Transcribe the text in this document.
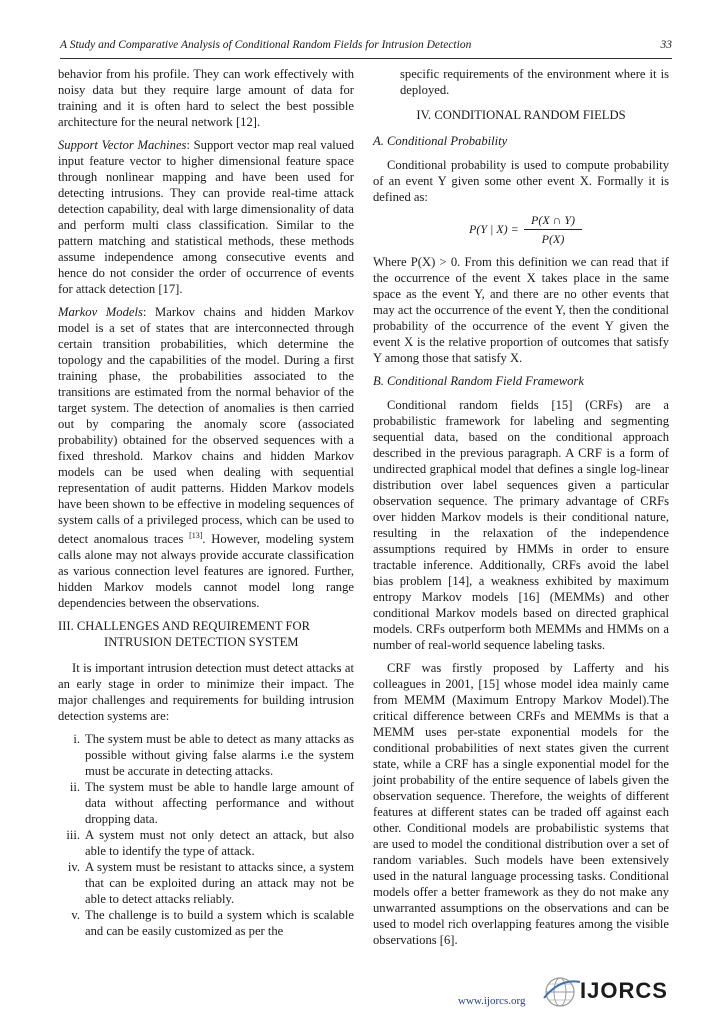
A Study and Comparative Analysis of Conditional Random Fields for Intrusion Detection	33

behavior from his profile. They can work effectively with noisy data but they require large amount of data for training and it is often hard to select the best possible architecture for the neural network [12].

Support Vector Machines: Support vector map real valued input feature vector to higher dimensional feature space through nonlinear mapping and have been used for detecting intrusions. They can provide real-time attack detection capability, deal with large dimensionality of data and perform multi class classification. Similar to the pattern matching and statistical methods, these methods assume independence among consecutive events and hence do not consider the order of occurrence of events for attack detection [17].

Markov Models: Markov chains and hidden Markov model is a set of states that are interconnected through certain transition probabilities, which determine the topology and the capabilities of the model. During a first training phase, the probabilities associated to the transitions are estimated from the normal behavior of the target system. The detection of anomalies is then carried out by comparing the anomaly score (associated probability) obtained for the observed sequences with a fixed threshold. Markov chains and hidden Markov models can be used when dealing with sequential representation of audit patterns. Hidden Markov models have been shown to be effective in modeling sequences of system calls of a privileged process, which can be used to detect anomalous traces [13]. However, modeling system calls alone may not always provide accurate classification as various connection level features are ignored. Further, hidden Markov models cannot model long range dependencies between the observations.

III. CHALLENGES AND REQUIREMENT FOR
INTRUSION DETECTION SYSTEM

It is important intrusion detection must detect attacks at an early stage in order to minimize their impact. The major challenges and requirements for building intrusion detection systems are:

i. The system must be able to detect as many attacks as possible without giving false alarms i.e the system must be accurate in detecting attacks.
ii. The system must be able to handle large amount of data without affecting performance and without dropping data.
iii. A system must not only detect an attack, but also able to identify the type of attack.
iv. A system must be resistant to attacks since, a system that can be exploited during an attack may not be able to detect attacks reliably.
v. The challenge is to build a system which is scalable and can be easily customized as per the

specific requirements of the environment where it is deployed.

IV. CONDITIONAL RANDOM FIELDS
A. Conditional Probability

Conditional probability is used to compute probability of an event Y given some other event X. Formally it is defined as:

P(Y | $X) = \frac{P(X \cap Y)}{P(X)}$

Where P(X) > 0. From this definition we can read that if the occurrence of the event X takes place in the same space as the event Y, and there are no other events that may act the occurrence of the event Y, then the conditional probability of the occurrence of the event Y given the event X is the relative proportion of outcomes that satisfy Y among those that satisfy X.

B. Conditional Random Field Framework

Conditional random fields [15] (CRFs) are a probabilistic framework for labeling and segmenting sequential data, based on the conditional approach described in the previous paragraph. A CRF is a form of undirected graphical model that defines a single log-linear distribution over label sequences given a particular observation sequence. The primary advantage of CRFs over hidden Markov models is their conditional nature, resulting in the relaxation of the independence assumptions required by HMMs in order to ensure tractable inference. Additionally, CRFs avoid the label bias problem [14], a weakness exhibited by maximum entropy Markov models [16] (MEMMs) and other conditional Markov models based on directed graphical models. CRFs outperform both MEMMs and HMMs on a number of real-world sequence labeling tasks.

CRF was firstly proposed by Lafferty and his colleagues in 2001, [15] whose model idea mainly came from MEMM (Maximum Entropy Markov Model).The critical difference between CRFs and MEMMs is that a MEMM uses per-state exponential models for the conditional probabilities of next states given the current state, while a CRF has a single exponential model for the joint probability of the entire sequence of labels given the observation sequence. Therefore, the weights of different features at different states can be traded off against each other. Conditional models are probabilistic systems that are used to model the conditional distribution over a set of random variables. Such models have been extensively used in the natural language processing tasks. Conditional models offer a better framework as they do not make any unwarranted assumptions on the observations and can be used to model rich overlapping features among the visible observations [6].

www.ijorcs.org IJORCS
